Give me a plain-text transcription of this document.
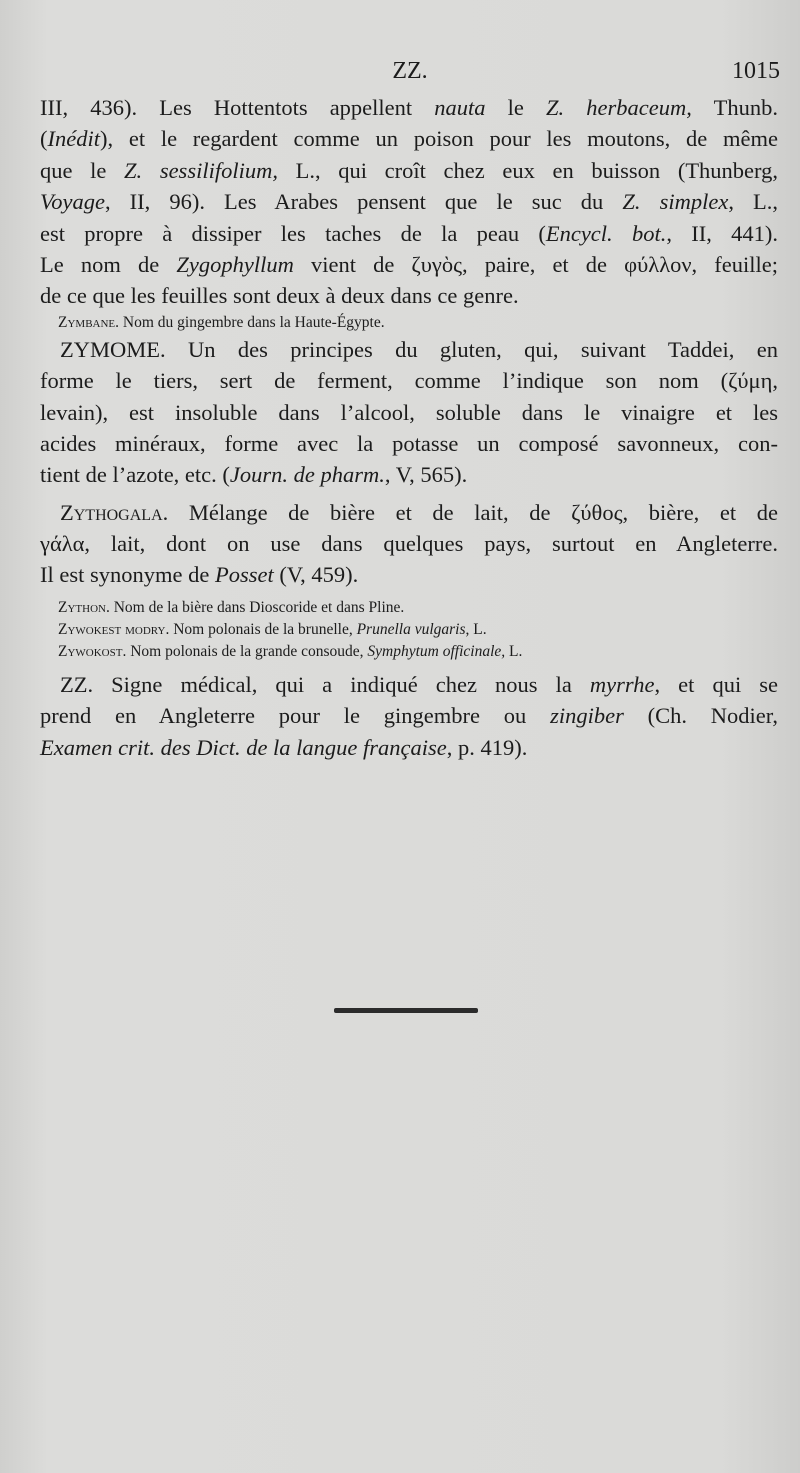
ZZ.	1015
III, 436). Les Hottentots appellent nauta le Z. herbaceum, Thunb.
(Inédit), et le regardent comme un poison pour les moutons, de même
que le Z. sessilifolium, L., qui croît chez eux en buisson (Thunberg,
Voyage, II, 96). Les Arabes pensent que le suc du Z. simplex, L.,
est propre à dissiper les taches de la peau (Encycl. bot., II, 441).
Le nom de Zygophyllum vient de ζυγὸς, paire, et de φύλλον, feuille;
de ce que les feuilles sont deux à deux dans ce genre.
Zymbane. Nom du gingembre dans la Haute-Égypte.
ZYMOME. Un des principes du gluten, qui, suivant Taddei, en
forme le tiers, sert de ferment, comme l’indique son nom (ζύμη,
levain), est insoluble dans l’alcool, soluble dans le vinaigre et les
acides minéraux, forme avec la potasse un composé savonneux, con-
tient de l’azote, etc. (Journ. de pharm., V, 565).
Zythogala. Mélange de bière et de lait, de ζύθος, bière, et de
γάλα, lait, dont on use dans quelques pays, surtout en Angleterre.
Il est synonyme de Posset (V, 459).
Zython. Nom de la bière dans Dioscoride et dans Pline.
Zywokest modry. Nom polonais de la brunelle, Prunella vulgaris, L.
Zywokost. Nom polonais de la grande consoude, Symphytum officinale, L.
ZZ. Signe médical, qui a indiqué chez nous la myrrhe, et qui se
prend en Angleterre pour le gingembre ou zingiber (Ch. Nodier,
Examen crit. des Dict. de la langue française, p. 419).
